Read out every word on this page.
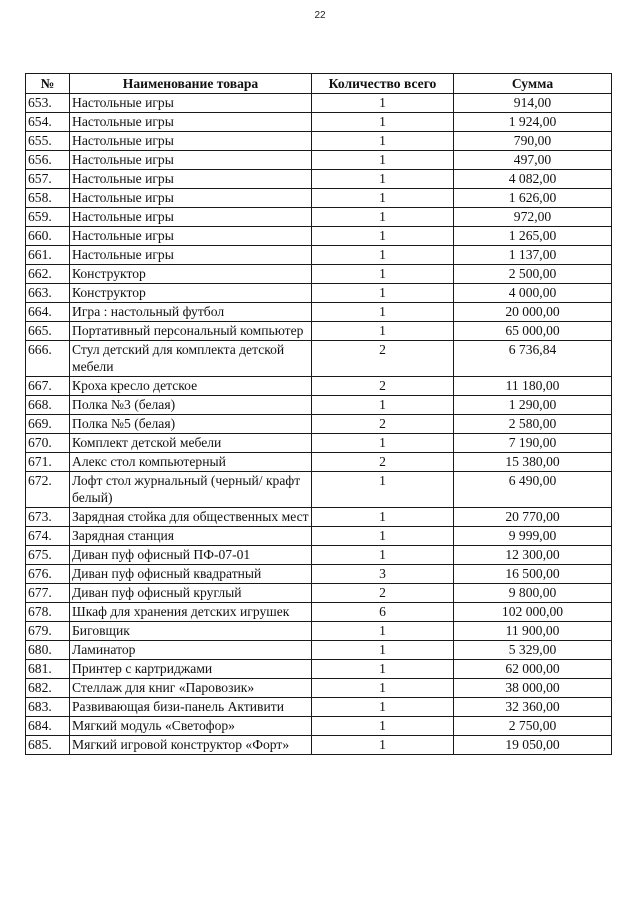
22
№	Наименование товара	Количество всего	Сумма
653.	Настольные игры	1	914,00
654.	Настольные игры	1	1 924,00
655.	Настольные игры	1	790,00
656.	Настольные игры	1	497,00
657.	Настольные игры	1	4 082,00
658.	Настольные игры	1	1 626,00
659.	Настольные игры	1	972,00
660.	Настольные игры	1	1 265,00
661.	Настольные игры	1	1 137,00
662.	Конструктор	1	2 500,00
663.	Конструктор	1	4 000,00
664.	Игра : настольный футбол	1	20 000,00
665.	Портативный персональный компьютер	1	65 000,00
666.	Стул детский для комплекта детской мебели	2	6 736,84
667.	Кроха кресло детское	2	11 180,00
668.	Полка №3 (белая)	1	1 290,00
669.	Полка №5 (белая)	2	2 580,00
670.	Комплект детской мебели	1	7 190,00
671.	Алекс стол компьютерный	2	15 380,00
672.	Лофт стол журнальный (черный/ крафт белый)	1	6 490,00
673.	Зарядная стойка для общественных мест	1	20 770,00
674.	Зарядная станция	1	9 999,00
675.	Диван пуф офисный ПФ-07-01	1	12 300,00
676.	Диван пуф офисный квадратный	3	16 500,00
677.	Диван пуф офисный круглый	2	9 800,00
678.	Шкаф для хранения детских игрушек	6	102 000,00
679.	Биговщик	1	11 900,00
680.	Ламинатор	1	5 329,00
681.	Принтер с картриджами	1	62 000,00
682.	Стеллаж для книг «Паровозик»	1	38 000,00
683.	Развивающая бизи-панель Активити	1	32 360,00
684.	Мягкий модуль «Светофор»	1	2 750,00
685.	Мягкий игровой конструктор «Форт»	1	19 050,00
